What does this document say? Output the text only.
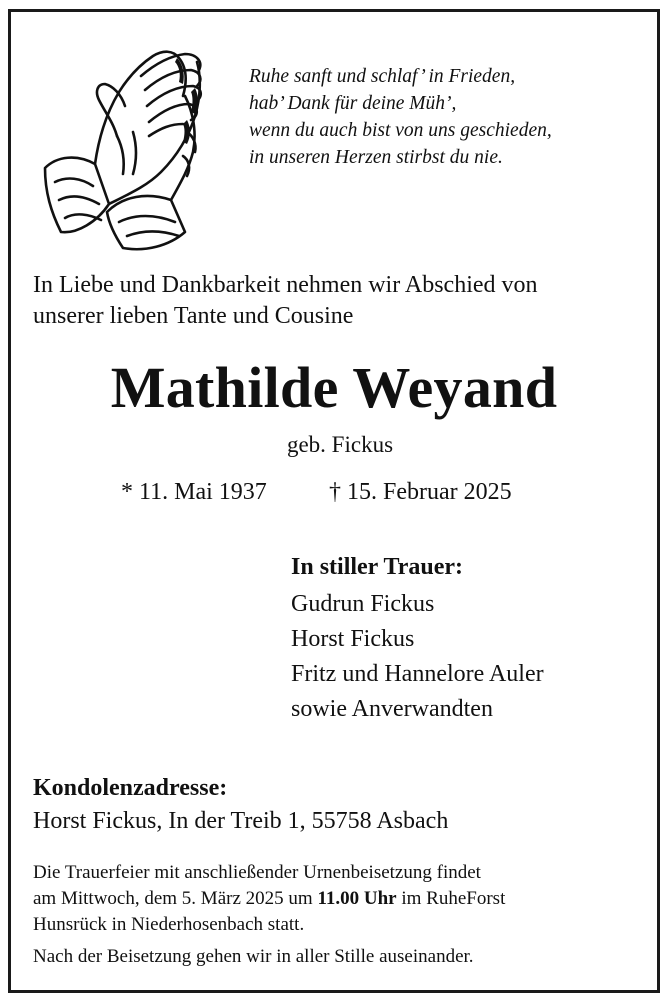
Ruhe sanft und schlaf’ in Frieden,
hab’ Dank für deine Müh’,
wenn du auch bist von uns geschieden,
in unseren Herzen stirbst du nie.
In Liebe und Dankbarkeit nehmen wir Abschied von
unserer lieben Tante und Cousine
Mathilde Weyand
geb. Fickus
* 11. Mai 1937	† 15. Februar 2025
In stiller Trauer:
Gudrun Fickus
Horst Fickus
Fritz und Hannelore Auler
sowie Anverwandten
Kondolenzadresse:
Horst Fickus, In der Treib 1, 55758 Asbach
Die Trauerfeier mit anschließender Urnenbeisetzung findet
am Mittwoch, dem 5. März 2025 um 11.00 Uhr im RuheForst
Hunsrück in Niederhosenbach statt.
Nach der Beisetzung gehen wir in aller Stille auseinander.
